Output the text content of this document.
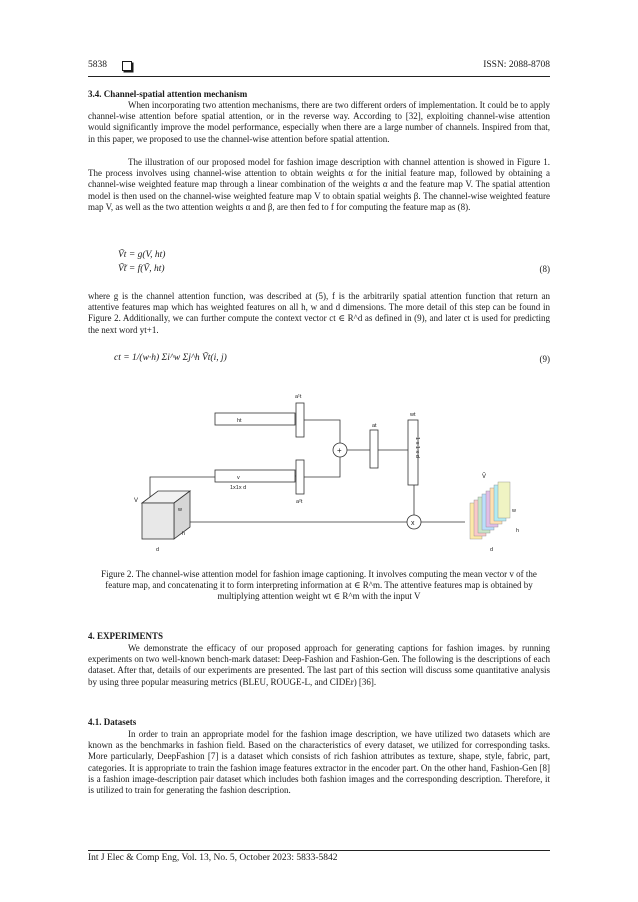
5838	ISSN: 2088-8708
3.4. Channel-spatial attention mechanism

When incorporating two attention mechanisms, there are two different orders of implementation. It could be to apply channel-wise attention before spatial attention, or in the reverse way. According to [32], exploiting channel-wise attention would significantly improve the model performance, especially when there are a large number of channels. Inspired from that, in this paper, we proposed to use the channel-wise attention before spatial attention.

The illustration of our proposed model for fashion image description with channel attention is showed in Figure 1. The process involves using channel-wise attention to obtain weights α for the initial feature map, followed by obtaining a channel-wise weighted feature map through a linear combination of the weights α and the feature map V. The spatial attention model is then used on the channel-wise weighted feature map V to obtain spatial weights β. The channel-wise weighted feature map V, as well as the two attention weights α and β, are then fed to f for computing the feature map as (8).

Ṽt = g(V, ht)
Ṽ̃t = f(Ṽ, ht)	(8)

where g is the channel attention function, was described at (5), f is the arbitrarily spatial attention function that return an attentive features map which has weighted features on all h, w and d dimensions. The more detail of this step can be found in Figure 2. Additionally, we can further compute the context vector ct ∈ R^d as defined in (9), and later ct is used for predicting the next word yt+1.

ct = 1/(w·h) Σi^w Σj^h Ṽt(i, j)	(9)
ht
v
1x1x d
a¹t
a²t
at
wt
1 x 1 x d
+
x
V
w
h
d
Ṽ
w
h
d
Figure 2. The channel-wise attention model for fashion image captioning. It involves computing the mean vector v of the feature map, and concatenating it to form interpreting information at ∈ R^m. The attentive features map is obtained by multiplying attention weight wt ∈ R^m with the input V
4. EXPERIMENTS

We demonstrate the efficacy of our proposed approach for generating captions for fashion images. by running experiments on two well-known bench-mark dataset: Deep-Fashion and Fashion-Gen. The following is the descriptions of each dataset. After that, details of our experiments are presented. The last part of this section will discuss some quantitative analysis by using three popular measuring metrics (BLEU, ROUGE-L, and CIDEr) [36].

4.1. Datasets

In order to train an appropriate model for the fashion image description, we have utilized two datasets which are known as the benchmarks in fashion field. Based on the characteristics of every dataset, we utilized for corresponding tasks. More particularly, DeepFashion [7] is a dataset which consists of rich fashion attributes as texture, shape, style, fabric, part, categories. It is appropriate to train the fashion image features extractor in the encoder part. On the other hand, Fashion-Gen [8] is a fashion image-description pair dataset which includes both fashion images and the corresponding description. Therefore, it is utilized to train for generating the fashion description.

Int J Elec & Comp Eng, Vol. 13, No. 5, October 2023: 5833-5842
